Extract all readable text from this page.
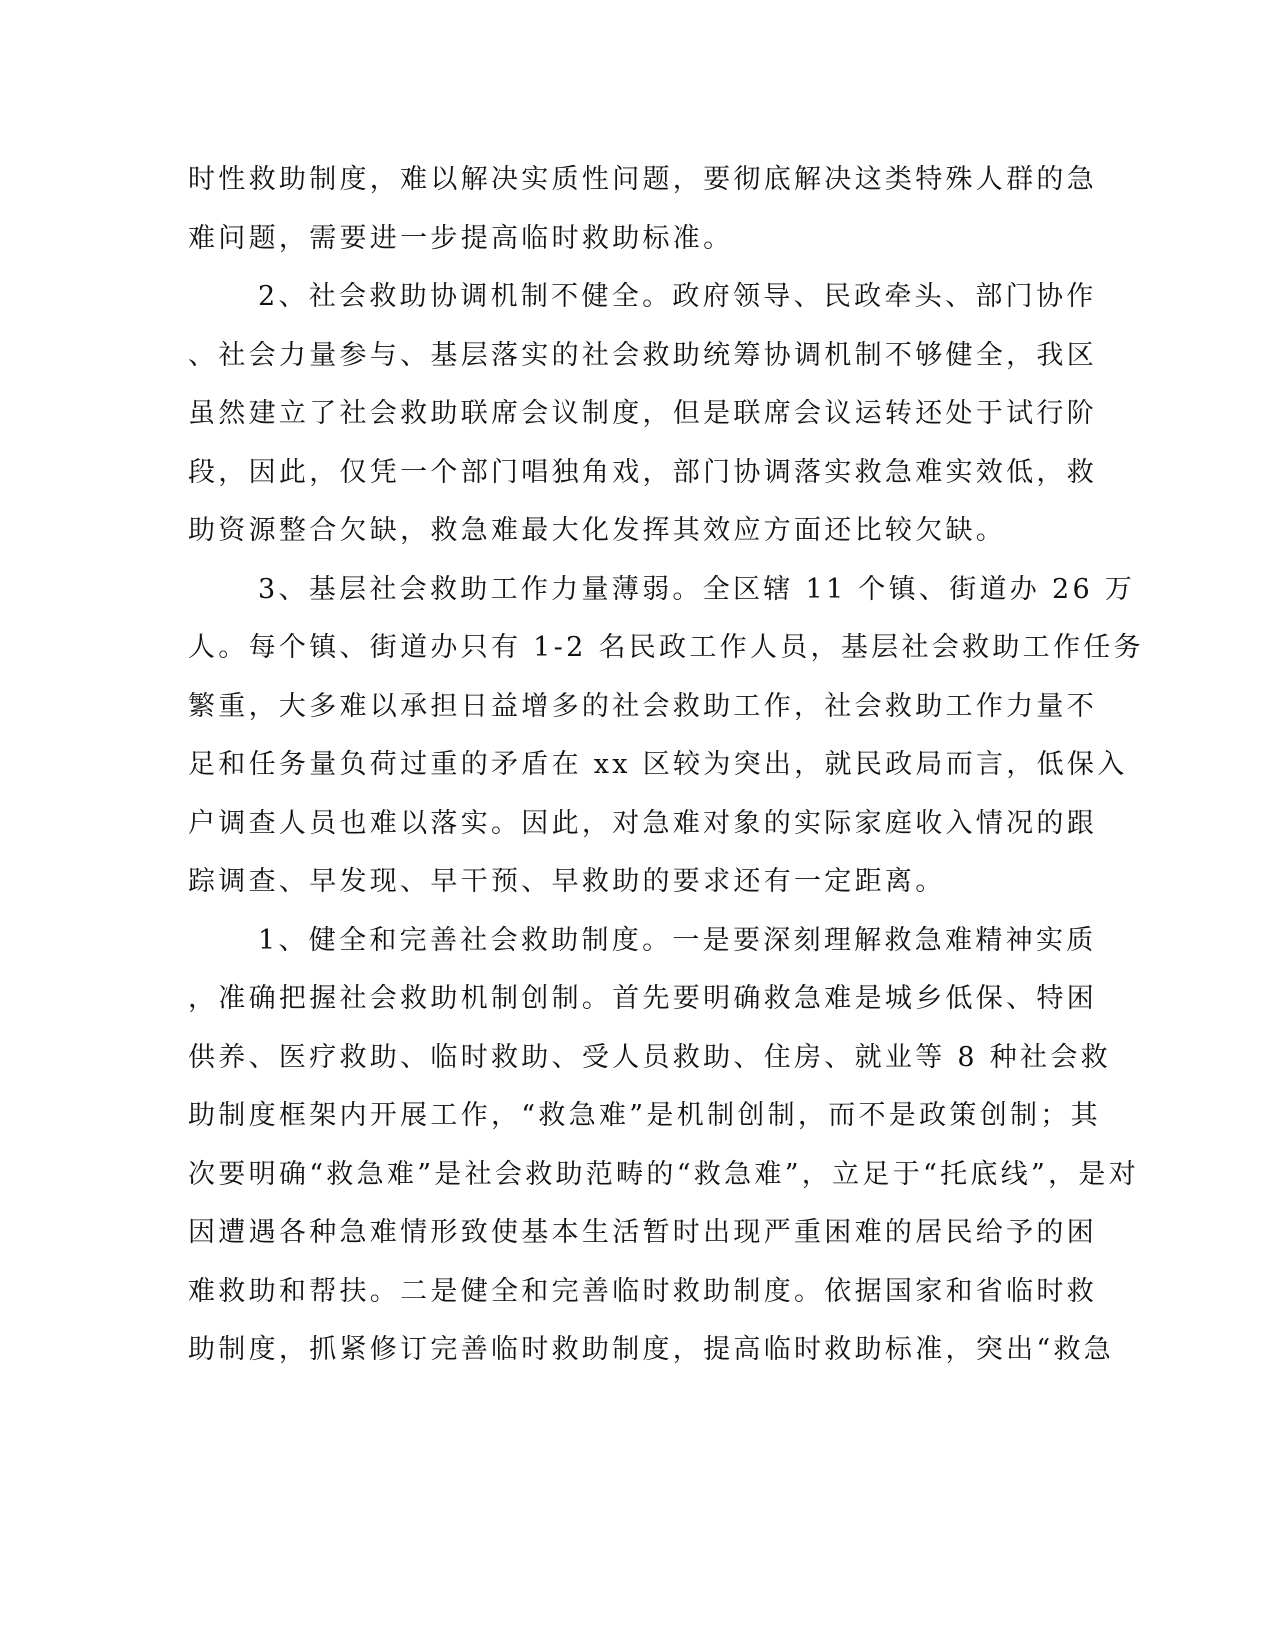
时性救助制度，难以解决实质性问题，要彻底解决这类特殊人群的急
难问题，需要进一步提高临时救助标准。
2、社会救助协调机制不健全。政府领导、民政牵头、部门协作
、社会力量参与、基层落实的社会救助统筹协调机制不够健全，我区
虽然建立了社会救助联席会议制度，但是联席会议运转还处于试行阶
段，因此，仅凭一个部门唱独角戏，部门协调落实救急难实效低，救
助资源整合欠缺，救急难最大化发挥其效应方面还比较欠缺。
3、基层社会救助工作力量薄弱。全区辖 11 个镇、街道办 26 万
人。每个镇、街道办只有 1-2 名民政工作人员，基层社会救助工作任务
繁重，大多难以承担日益增多的社会救助工作，社会救助工作力量不
足和任务量负荷过重的矛盾在 xx 区较为突出，就民政局而言，低保入
户调查人员也难以落实。因此，对急难对象的实际家庭收入情况的跟
踪调查、早发现、早干预、早救助的要求还有一定距离。
1、健全和完善社会救助制度。一是要深刻理解救急难精神实质
，准确把握社会救助机制创制。首先要明确救急难是城乡低保、特困
供养、医疗救助、临时救助、受人员救助、住房、就业等 8 种社会救
助制度框架内开展工作，“救急难”是机制创制，而不是政策创制；其
次要明确“救急难”是社会救助范畴的“救急难”，立足于“托底线”，是对
因遭遇各种急难情形致使基本生活暂时出现严重困难的居民给予的困
难救助和帮扶。二是健全和完善临时救助制度。依据国家和省临时救
助制度，抓紧修订完善临时救助制度，提高临时救助标准，突出“救急
